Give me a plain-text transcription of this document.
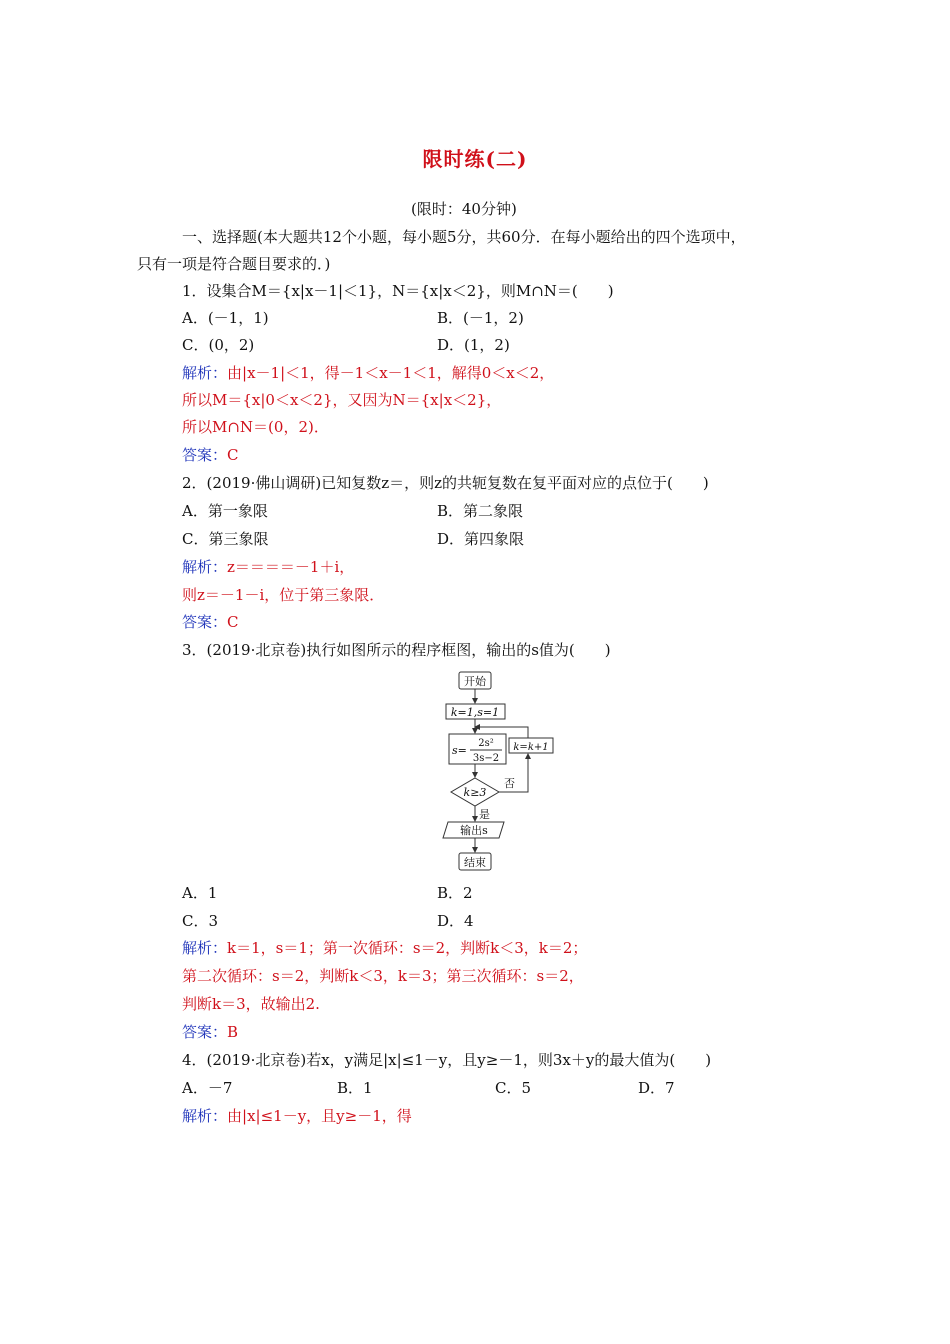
限时练(二)
(限时：40分钟)
一、选择题(本大题共12个小题，每小题5分，共60分．在每小题给出的四个选项中，
只有一项是符合题目要求的．)
1．设集合M＝{x|x－1|＜1}，N＝{x|x＜2}，则M∩N＝(　　)
A．(－1，1)	B．(－1，2)
C．(0，2)	D．(1，2)
解析：由|x－1|＜1，得－1＜x－1＜1，解得0＜x＜2，
所以M＝{x|0＜x＜2}，又因为N＝{x|x＜2}，
所以M∩N＝(0，2)．
答案：C
2．(2019·佛山调研)已知复数z＝，则z的共轭复数在复平面对应的点位于(　　)
A．第一象限	B．第二象限
C．第三象限	D．第四象限
解析：z＝＝＝＝－1＋i，
则z＝－1－i，位于第三象限．
答案：C
3．(2019·北京卷)执行如图所示的程序框图，输出的s值为(　　)
开始
k=1,s=1
s=
2s²
3s−2
k=k+1
k≥3
否
是
输出s
结束
A．1	B．2
C．3	D．4
解析：k＝1，s＝1；第一次循环：s＝2，判断k＜3，k＝2；
第二次循环：s＝2，判断k＜3，k＝3；第三次循环：s＝2，
判断k＝3，故输出2.
答案：B
4．(2019·北京卷)若x，y满足|x|≤1－y，且y≥－1，则3x＋y的最大值为(　　)
A．－7	B．1	C．5	D．7
解析：由|x|≤1－y，且y≥－1，得
